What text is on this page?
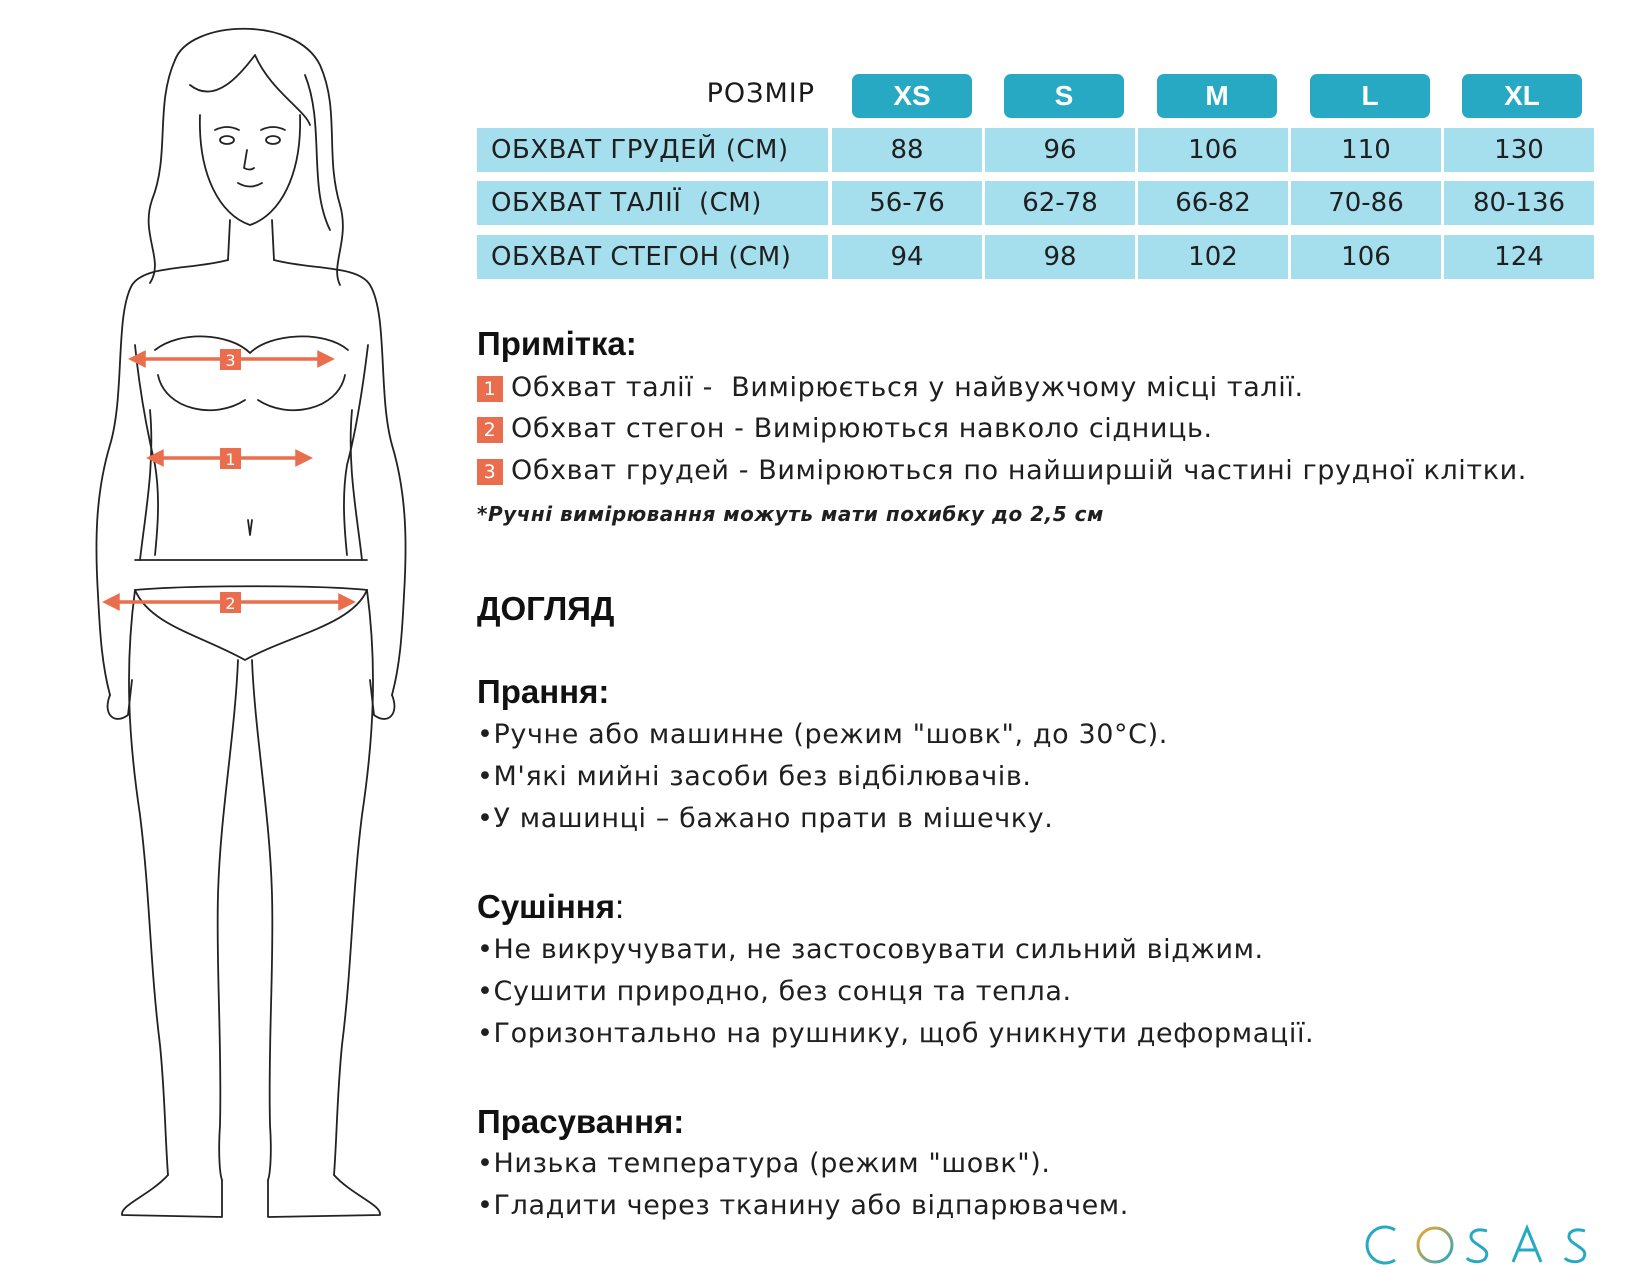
3
1
2
РОЗМІР	XS	S	M	L	XL
ОБХВАТ ГРУДЕЙ (СМ)	88	96	106	110	130
ОБХВАТ ТАЛІЇ  (СМ)	56-76	62-78	66-82	70-86	80-136
ОБХВАТ СТЕГОН (СМ)	94	98	102	106	124
Примітка:
1 Обхват талії -  Вимірюється у найвужчому місці талії.
2 Обхват стегон - Вимірюються навколо сідниць.
3 Обхват грудей - Вимірюються по найширшій частині грудної клітки.
*Ручні вимірювання можуть мати похибку до 2,5 см
ДОГЛЯД
Прання:
•Ручне або машинне (режим "шовк", до 30°С).
•М'які мийні засоби без відбілювачів.
•У машинці – бажано прати в мішечку.
Сушіння:
•Не викручувати, не застосовувати сильний віджим.
•Сушити природно, без сонця та тепла.
•Горизонтально на рушнику, щоб уникнути деформації.
Прасування:
•Низька температура (режим "шовк").
•Гладити через тканину або відпарювачем.
